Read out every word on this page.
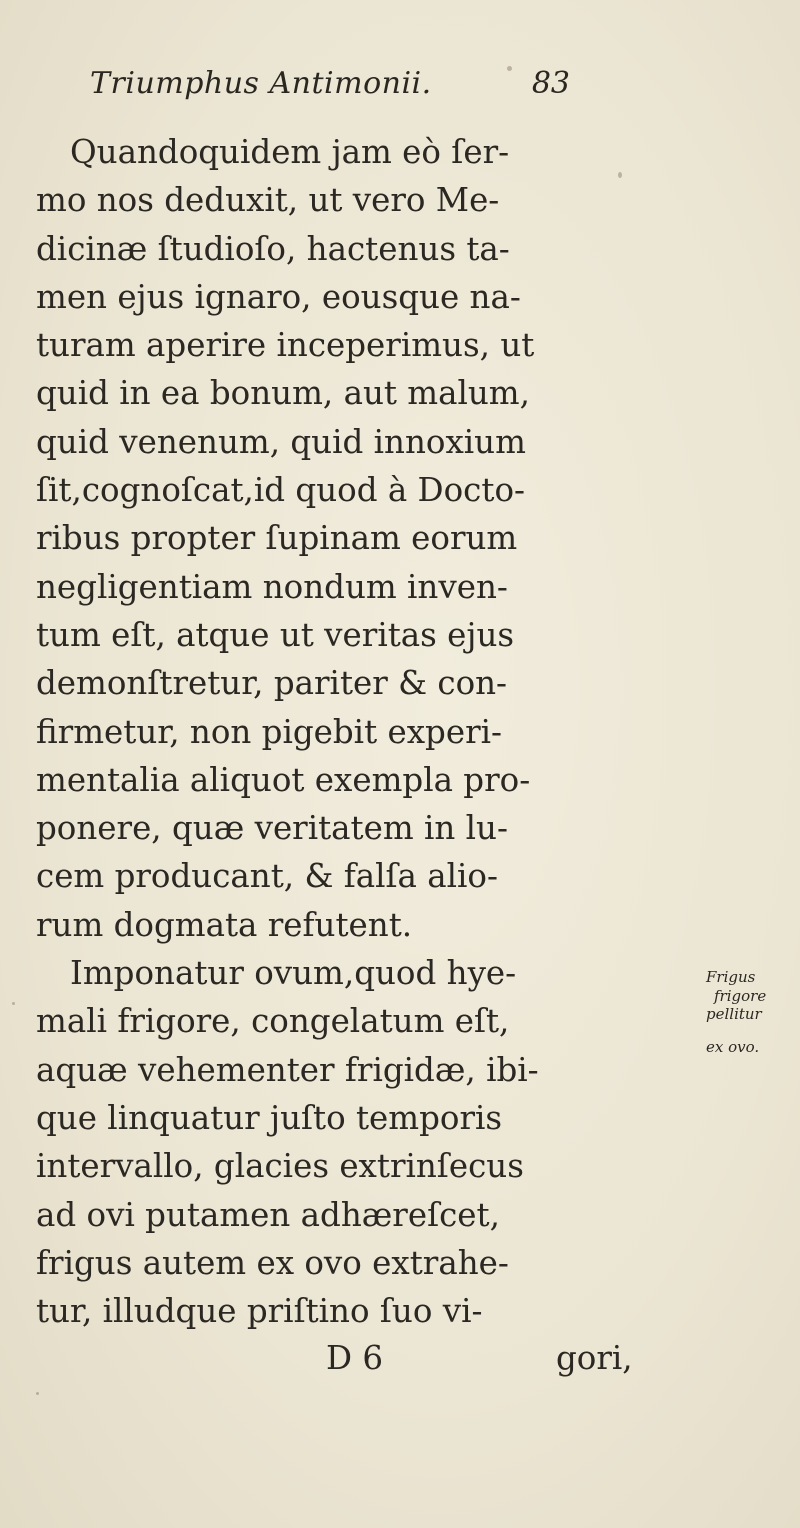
Triumphus Antimonii.	83
Quandoquidem jam eò ſer-
mo nos deduxit, ut vero Me-
dicinæ ſtudioſo, hactenus ta-
men ejus ignaro, eousque na-
turam aperire inceperimus, ut
quid in ea bonum, aut malum,
quid venenum, quid innoxium
ſit,cognoſcat,id quod à Docto-
ribus propter ſupinam eorum
negligentiam nondum inven-
tum eſt, atque ut veritas ejus
demonſtretur, pariter & con-
firmetur, non pigebit experi-
mentalia aliquot exempla pro-
ponere, quæ veritatem in lu-
cem producant, & falſa alio-
rum dogmata refutent.
Imponatur ovum,quod hye-
mali frigore, congelatum eſt,
aquæ vehementer frigidæ, ibi-
que linquatur juſto temporis
intervallo, glacies extrinſecus
ad ovi putamen adhæreſcet,
frigus autem ex ovo extrahe-
tur, illudque priſtino ſuo vi-
D 6	gori,
Frigus
frigore
pellitur
ex ovo.
